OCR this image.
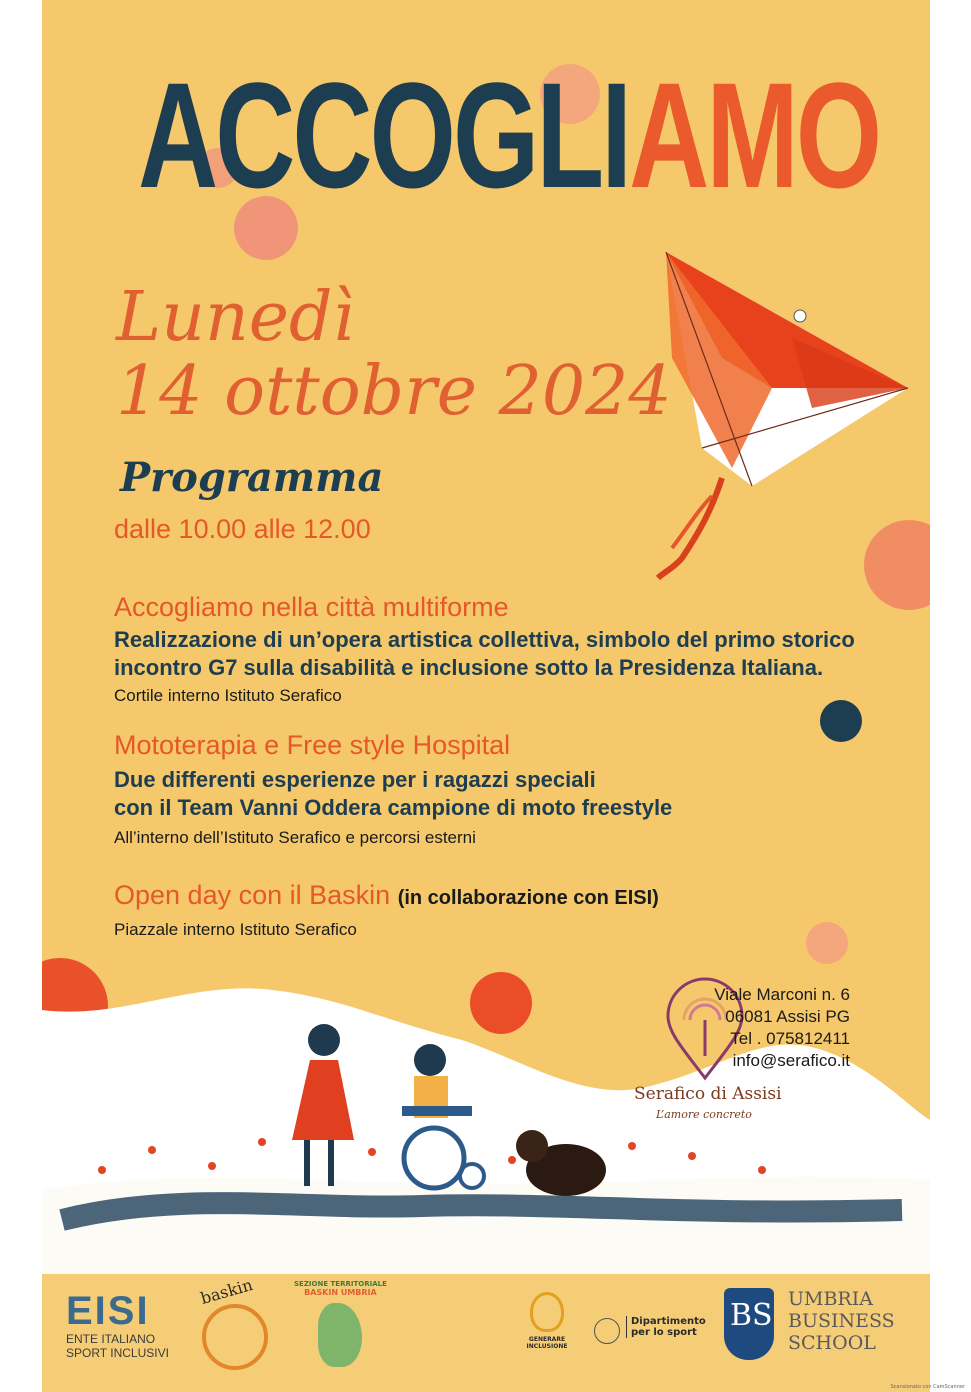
ACCOGLIAMO
Lunedì
14 ottobre 2024
Programma
dalle 10.00 alle 12.00
Accogliamo nella città multiforme
Realizzazione di un’opera artistica collettiva, simbolo del primo storico
incontro G7 sulla disabilità e inclusione sotto la Presidenza Italiana.
Cortile interno Istituto Serafico
Mototerapia e Free style Hospital
Due differenti esperienze per i ragazzi speciali
con il Team Vanni Oddera campione di moto freestyle
All’interno dell’Istituto Serafico e percorsi esterni
Open day con il Baskin (in collaborazione con EISI)
Piazzale interno Istituto Serafico
Serafico di Assisi
L’amore concreto
Viale Marconi n. 6
06081 Assisi PG
Tel . 075812411
info@serafico.it
EISI
ENTE ITALIANO
SPORT INCLUSIVI
baskin	SEZIONE TERRITORIALE
BASKIN UMBRIA
GENERARE
INCLUSIONE
Dipartimento
per lo sport BS UMBRIA
BUSINESS
SCHOOL
Scansionato con CamScanner
